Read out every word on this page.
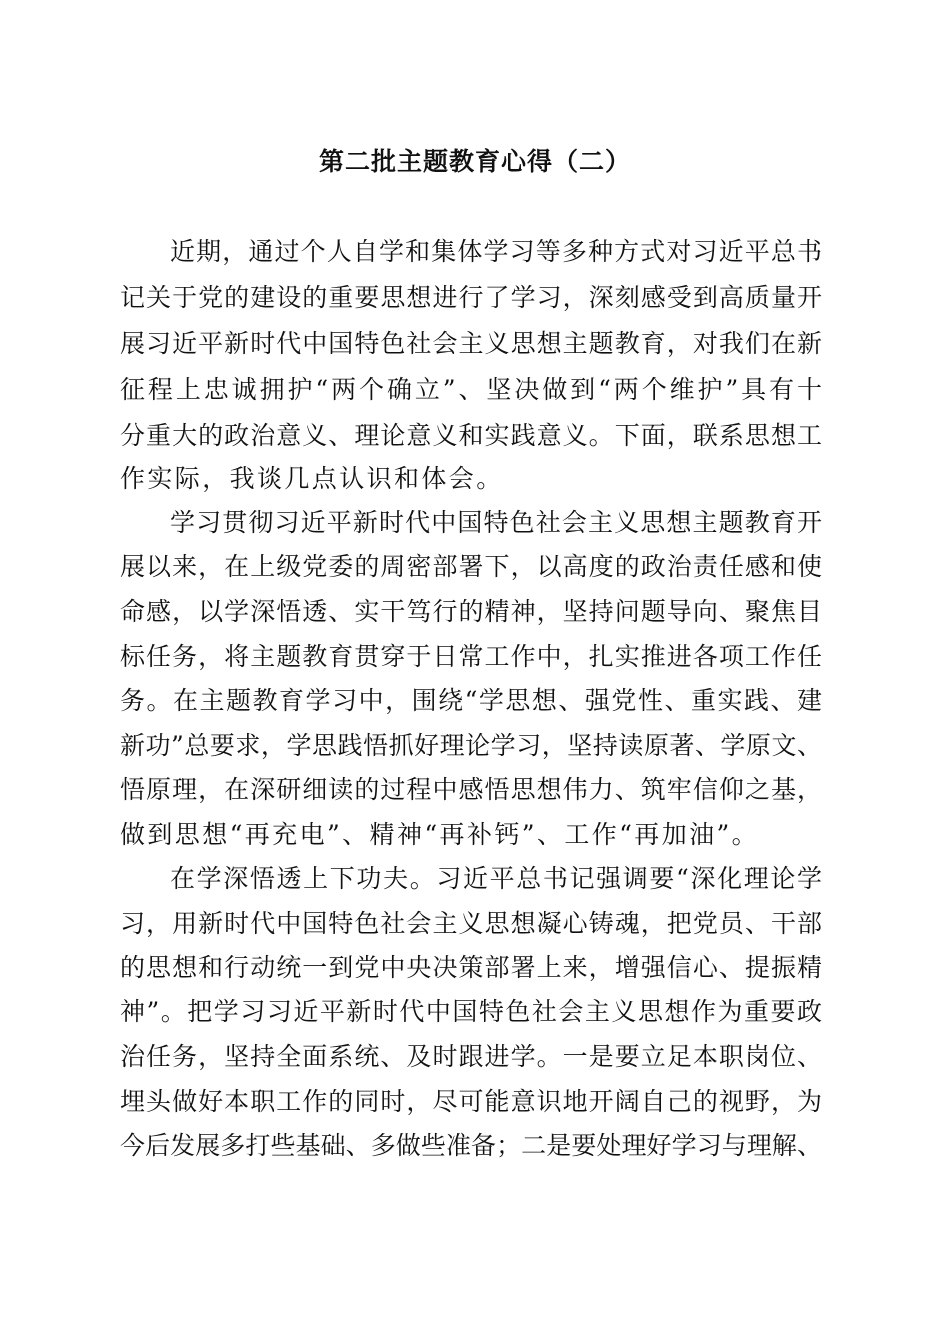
第二批主题教育心得（二）
近期，通过个人自学和集体学习等多种方式对习近平总书
记关于党的建设的重要思想进行了学习，深刻感受到高质量开
展习近平新时代中国特色社会主义思想主题教育，对我们在新
征程上忠诚拥护“两个确立”、坚决做到“两个维护”具有十
分重大的政治意义、理论意义和实践意义。下面，联系思想工
作实际，我谈几点认识和体会。
学习贯彻习近平新时代中国特色社会主义思想主题教育开
展以来，在上级党委的周密部署下，以高度的政治责任感和使
命感，以学深悟透、实干笃行的精神，坚持问题导向、聚焦目
标任务，将主题教育贯穿于日常工作中，扎实推进各项工作任
务。在主题教育学习中，围绕“学思想、强党性、重实践、建
新功”总要求，学思践悟抓好理论学习，坚持读原著、学原文、
悟原理，在深研细读的过程中感悟思想伟力、筑牢信仰之基，
做到思想“再充电”、精神“再补钙”、工作“再加油”。
在学深悟透上下功夫。习近平总书记强调要“深化理论学
习，用新时代中国特色社会主义思想凝心铸魂，把党员、干部
的思想和行动统一到党中央决策部署上来，增强信心、提振精
神”。把学习习近平新时代中国特色社会主义思想作为重要政
治任务，坚持全面系统、及时跟进学。一是要立足本职岗位、
埋头做好本职工作的同时，尽可能意识地开阔自己的视野，为
今后发展多打些基础、多做些准备；二是要处理好学习与理解、
